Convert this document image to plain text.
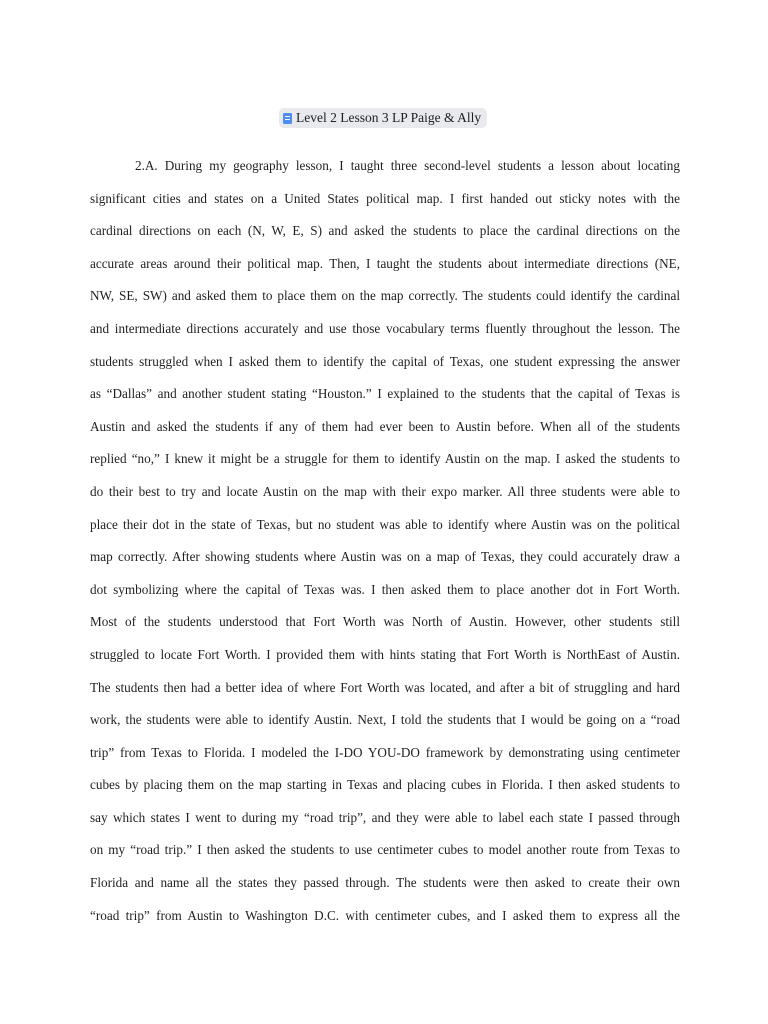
Level 2 Lesson 3 LP Paige & Ally
2.A. During my geography lesson, I taught three second-level students a lesson about locating
significant cities and states on a United States political map. I first handed out sticky notes with the
cardinal directions on each (N, W, E, S) and asked the students to place the cardinal directions on the
accurate areas around their political map. Then, I taught the students about intermediate directions (NE,
NW, SE, SW) and asked them to place them on the map correctly. The students could identify the cardinal
and intermediate directions accurately and use those vocabulary terms fluently throughout the lesson. The
students struggled when I asked them to identify the capital of Texas, one student expressing the answer
as “Dallas” and another student stating “Houston.” I explained to the students that the capital of Texas is
Austin and asked the students if any of them had ever been to Austin before. When all of the students
replied “no,” I knew it might be a struggle for them to identify Austin on the map. I asked the students to
do their best to try and locate Austin on the map with their expo marker. All three students were able to
place their dot in the state of Texas, but no student was able to identify where Austin was on the political
map correctly. After showing students where Austin was on a map of Texas, they could accurately draw a
dot symbolizing where the capital of Texas was. I then asked them to place another dot in Fort Worth.
Most of the students understood that Fort Worth was North of Austin. However, other students still
struggled to locate Fort Worth. I provided them with hints stating that Fort Worth is NorthEast of Austin.
The students then had a better idea of where Fort Worth was located, and after a bit of struggling and hard
work, the students were able to identify Austin. Next, I told the students that I would be going on a “road
trip” from Texas to Florida. I modeled the I-DO YOU-DO framework by demonstrating using centimeter
cubes by placing them on the map starting in Texas and placing cubes in Florida. I then asked students to
say which states I went to during my “road trip”, and they were able to label each state I passed through
on my “road trip.” I then asked the students to use centimeter cubes to model another route from Texas to
Florida and name all the states they passed through. The students were then asked to create their own
“road trip” from Austin to Washington D.C. with centimeter cubes, and I asked them to express all the
